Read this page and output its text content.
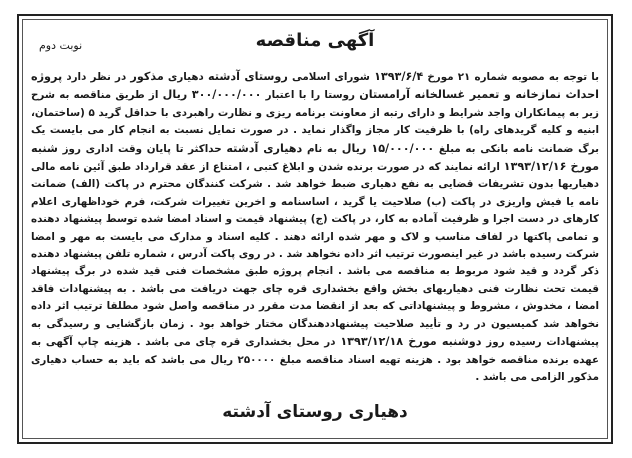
آگهی مناقصه
نوبت دوم
با توجه به مصوبه شماره ۲۱ مورخ ۱۳۹۳/۶/۴ شورای اسلامی روستای آدشته دهیاری مذکور در نظر دارد پروژه احداث نمازخانه و تعمیر غسالخانه آرامستان روستا را با اعتبار ۳۰۰/۰۰۰/۰۰۰ ریال از طریق مناقصه به شرح زیر به پیمانکاران واجد شرایط و دارای رتبه از معاونت برنامه ریزی و نظارت راهبردی با حداقل گرید ۵ (ساختمان، ابنیه و کلیه گریدهای راه) با ظرفیت کار مجاز واگذار نماید . در صورت تمایل نسبت به انجام کار می بایست یک برگ ضمانت نامه بانکی به مبلغ ۱۵/۰۰۰/۰۰۰ ریال به نام دهیاری آدشته حداکثر تا پایان وقت اداری روز شنبه مورخ ۱۳۹۳/۱۲/۱۶ ارائه نمایند که در صورت برنده شدن و ابلاغ کتبی ، امتناع از عقد قرارداد طبق آئین نامه مالی دهیاریها بدون تشریفات قضایی به نفع دهیاری ضبط خواهد شد . شرکت کنندگان محترم در پاکت (الف) ضمانت نامه یا فیش واریزی در پاکت (ب) صلاحیت یا گرید ، اساسنامه و اخرین تغییرات شرکت، فرم خوداظهاری اعلام کارهای در دست اجرا و ظرفیت آماده به کار، در پاکت (ج) پیشنهاد قیمت و اسناد امضا شده توسط پیشنهاد دهنده و تمامی پاکتها در لفاف مناسب و لاک و مهر شده ارائه دهند . کلیه اسناد و مدارک می بایست به مهر و امضا شرکت رسیده باشد در غیر اینصورت ترتیب اثر داده نخواهد شد . در روی پاکت آدرس ، شماره تلفن پیشنهاد دهنده ذکر گردد و قید شود مربوط به مناقصه می باشد . انجام پروژه طبق مشخصات فنی قید شده در برگ پیشنهاد قیمت تحت نظارت فنی دهیاریهای بخش واقع بخشداری قره چای جهت دریافت می باشد . به پیشنهادات فاقد امضا ، مخدوش ، مشروط و پیشنهاداتی که بعد از انقضا مدت مقرر در مناقصه واصل شود مطلقا ترتیب اثر داده نخواهد شد کمیسیون در رد و تأیید صلاحیت پیشنهاددهندگان مختار خواهد بود . زمان بازگشایی و رسیدگی به پیشنهادات رسیده روز دوشنبه مورخ ۱۳۹۳/۱۲/۱۸ در محل بخشداری قره چای می باشد . هزینه چاپ آگهی به عهده برنده مناقصه خواهد بود . هزینه تهیه اسناد مناقصه مبلغ ۲۵۰۰۰۰ ریال می باشد که باید به حساب دهیاری مذکور الزامی می باشد .
دهیاری روستای آدشته
